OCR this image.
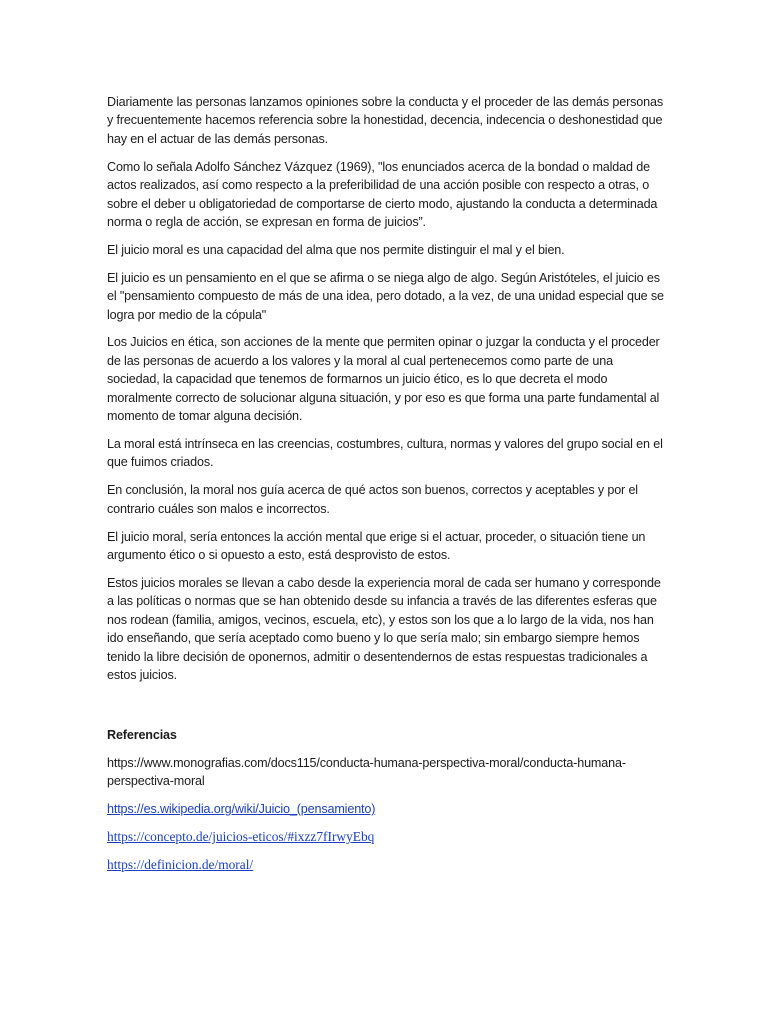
Diariamente las personas lanzamos opiniones sobre la conducta y el proceder de las demás personas y frecuentemente hacemos referencia sobre la honestidad, decencia, indecencia o deshonestidad que hay en el actuar de las demás personas.

Como lo señala Adolfo Sánchez Vázquez (1969), "los enunciados acerca de la bondad o maldad de actos realizados, así como respecto a la preferibilidad de una acción posible con respecto a otras, o sobre el deber u obligatoriedad de comportarse de cierto modo, ajustando la conducta a determinada norma o regla de acción, se expresan en forma de juicios”.

El juicio moral es una capacidad del alma que nos permite distinguir el mal y el bien.

El juicio es un pensamiento en el que se afirma o se niega algo de algo. Según Aristóteles, el juicio es el "pensamiento compuesto de más de una idea, pero dotado, a la vez, de una unidad especial que se logra por medio de la cópula"

Los Juicios en ética, son acciones de la mente que permiten opinar o juzgar la conducta y el proceder de las personas de acuerdo a los valores y la moral al cual pertenecemos como parte de una sociedad, la capacidad que tenemos de formarnos un juicio ético, es lo que decreta el modo moralmente correcto de solucionar alguna situación, y por eso es que forma una parte fundamental al momento de tomar alguna decisión.

La moral está intrínseca en las creencias, costumbres, cultura, normas y valores del grupo social en el que fuimos criados.

En conclusión, la moral nos guía acerca de qué actos son buenos, correctos y aceptables y por el contrario cuáles son malos e incorrectos.

El juicio moral, sería entonces la acción mental que erige si el actuar, proceder, o situación tiene un argumento ético o si opuesto a esto, está desprovisto de estos.

Estos juicios morales se llevan a cabo desde la experiencia moral de cada ser humano y corresponde a las políticas o normas que se han obtenido desde su infancia a través de las diferentes esferas que nos rodean (familia, amigos, vecinos, escuela, etc), y estos son los que a lo largo de la vida, nos han ido enseñando, que sería aceptado como bueno y lo que sería malo; sin embargo siempre hemos tenido la libre decisión de oponernos, admitir o desentendernos de estas respuestas tradicionales a estos juicios.

Referencias

https://www.monografias.com/docs115/conducta-humana-perspectiva-moral/conducta-humana-perspectiva-moral

https://es.wikipedia.org/wiki/Juicio_(pensamiento)
https://concepto.de/juicios-eticos/#ixzz7fIrwyEbq
https://definicion.de/moral/
